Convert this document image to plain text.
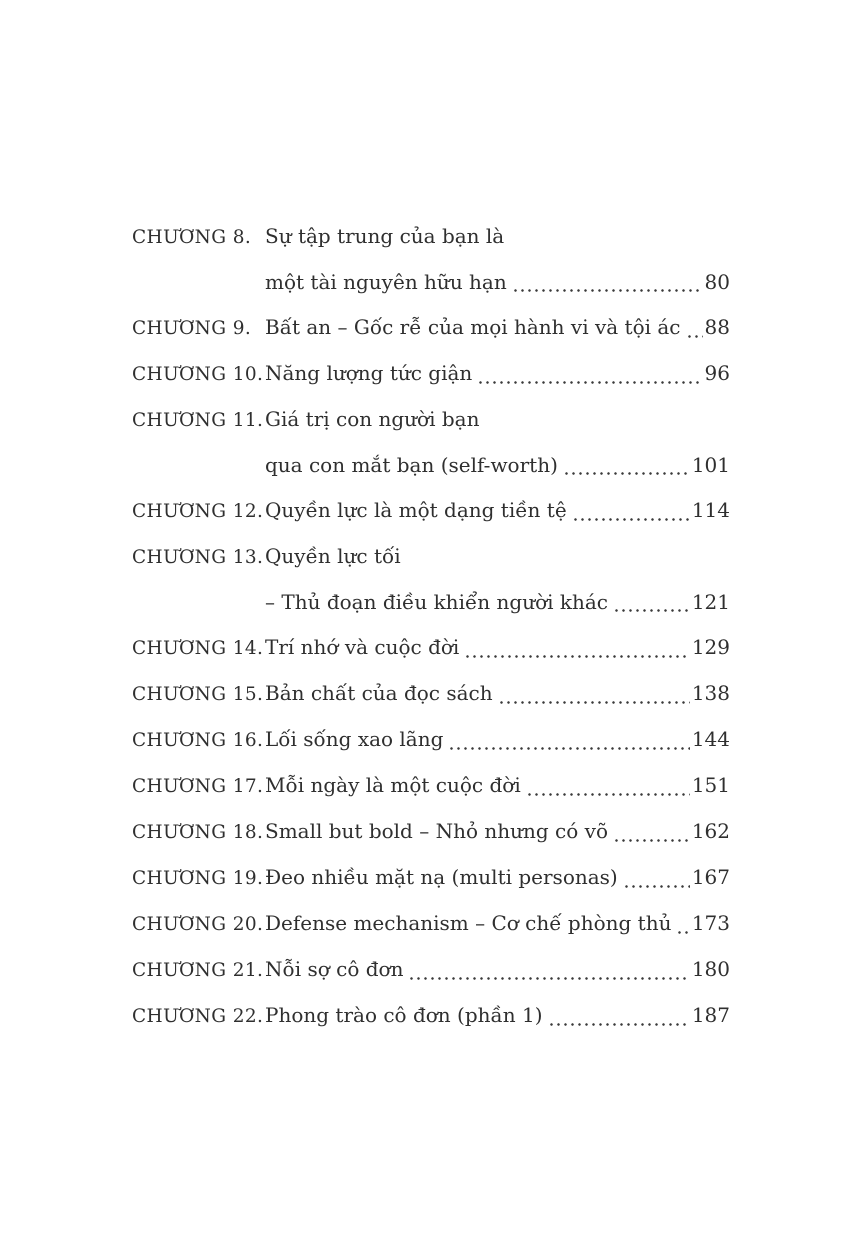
CHƯƠNG 8. Sự tập trung của bạn là
một tài nguyên hữu hạn	80
CHƯƠNG 9. Bất an – Gốc rễ của mọi hành vi và tội ác 88
CHƯƠNG 10. Năng lượng tức giận	96
CHƯƠNG 11. Giá trị con người bạn
qua con mắt bạn (self-worth)	101
CHƯƠNG 12. Quyền lực là một dạng tiền tệ	114
CHƯƠNG 13. Quyền lực tối
– Thủ đoạn điều khiển người khác	121
CHƯƠNG 14. Trí nhớ và cuộc đời	129
CHƯƠNG 15. Bản chất của đọc sách	138
CHƯƠNG 16. Lối sống xao lãng	144
CHƯƠNG 17. Mỗi ngày là một cuộc đời	151
CHƯƠNG 18. Small but bold – Nhỏ nhưng có võ	162
CHƯƠNG 19. Đeo nhiều mặt nạ (multi personas)	167
CHƯƠNG 20. Defense mechanism – Cơ chế phòng thủ 173
CHƯƠNG 21. Nỗi sợ cô đơn	180
CHƯƠNG 22. Phong trào cô đơn (phần 1)	187
